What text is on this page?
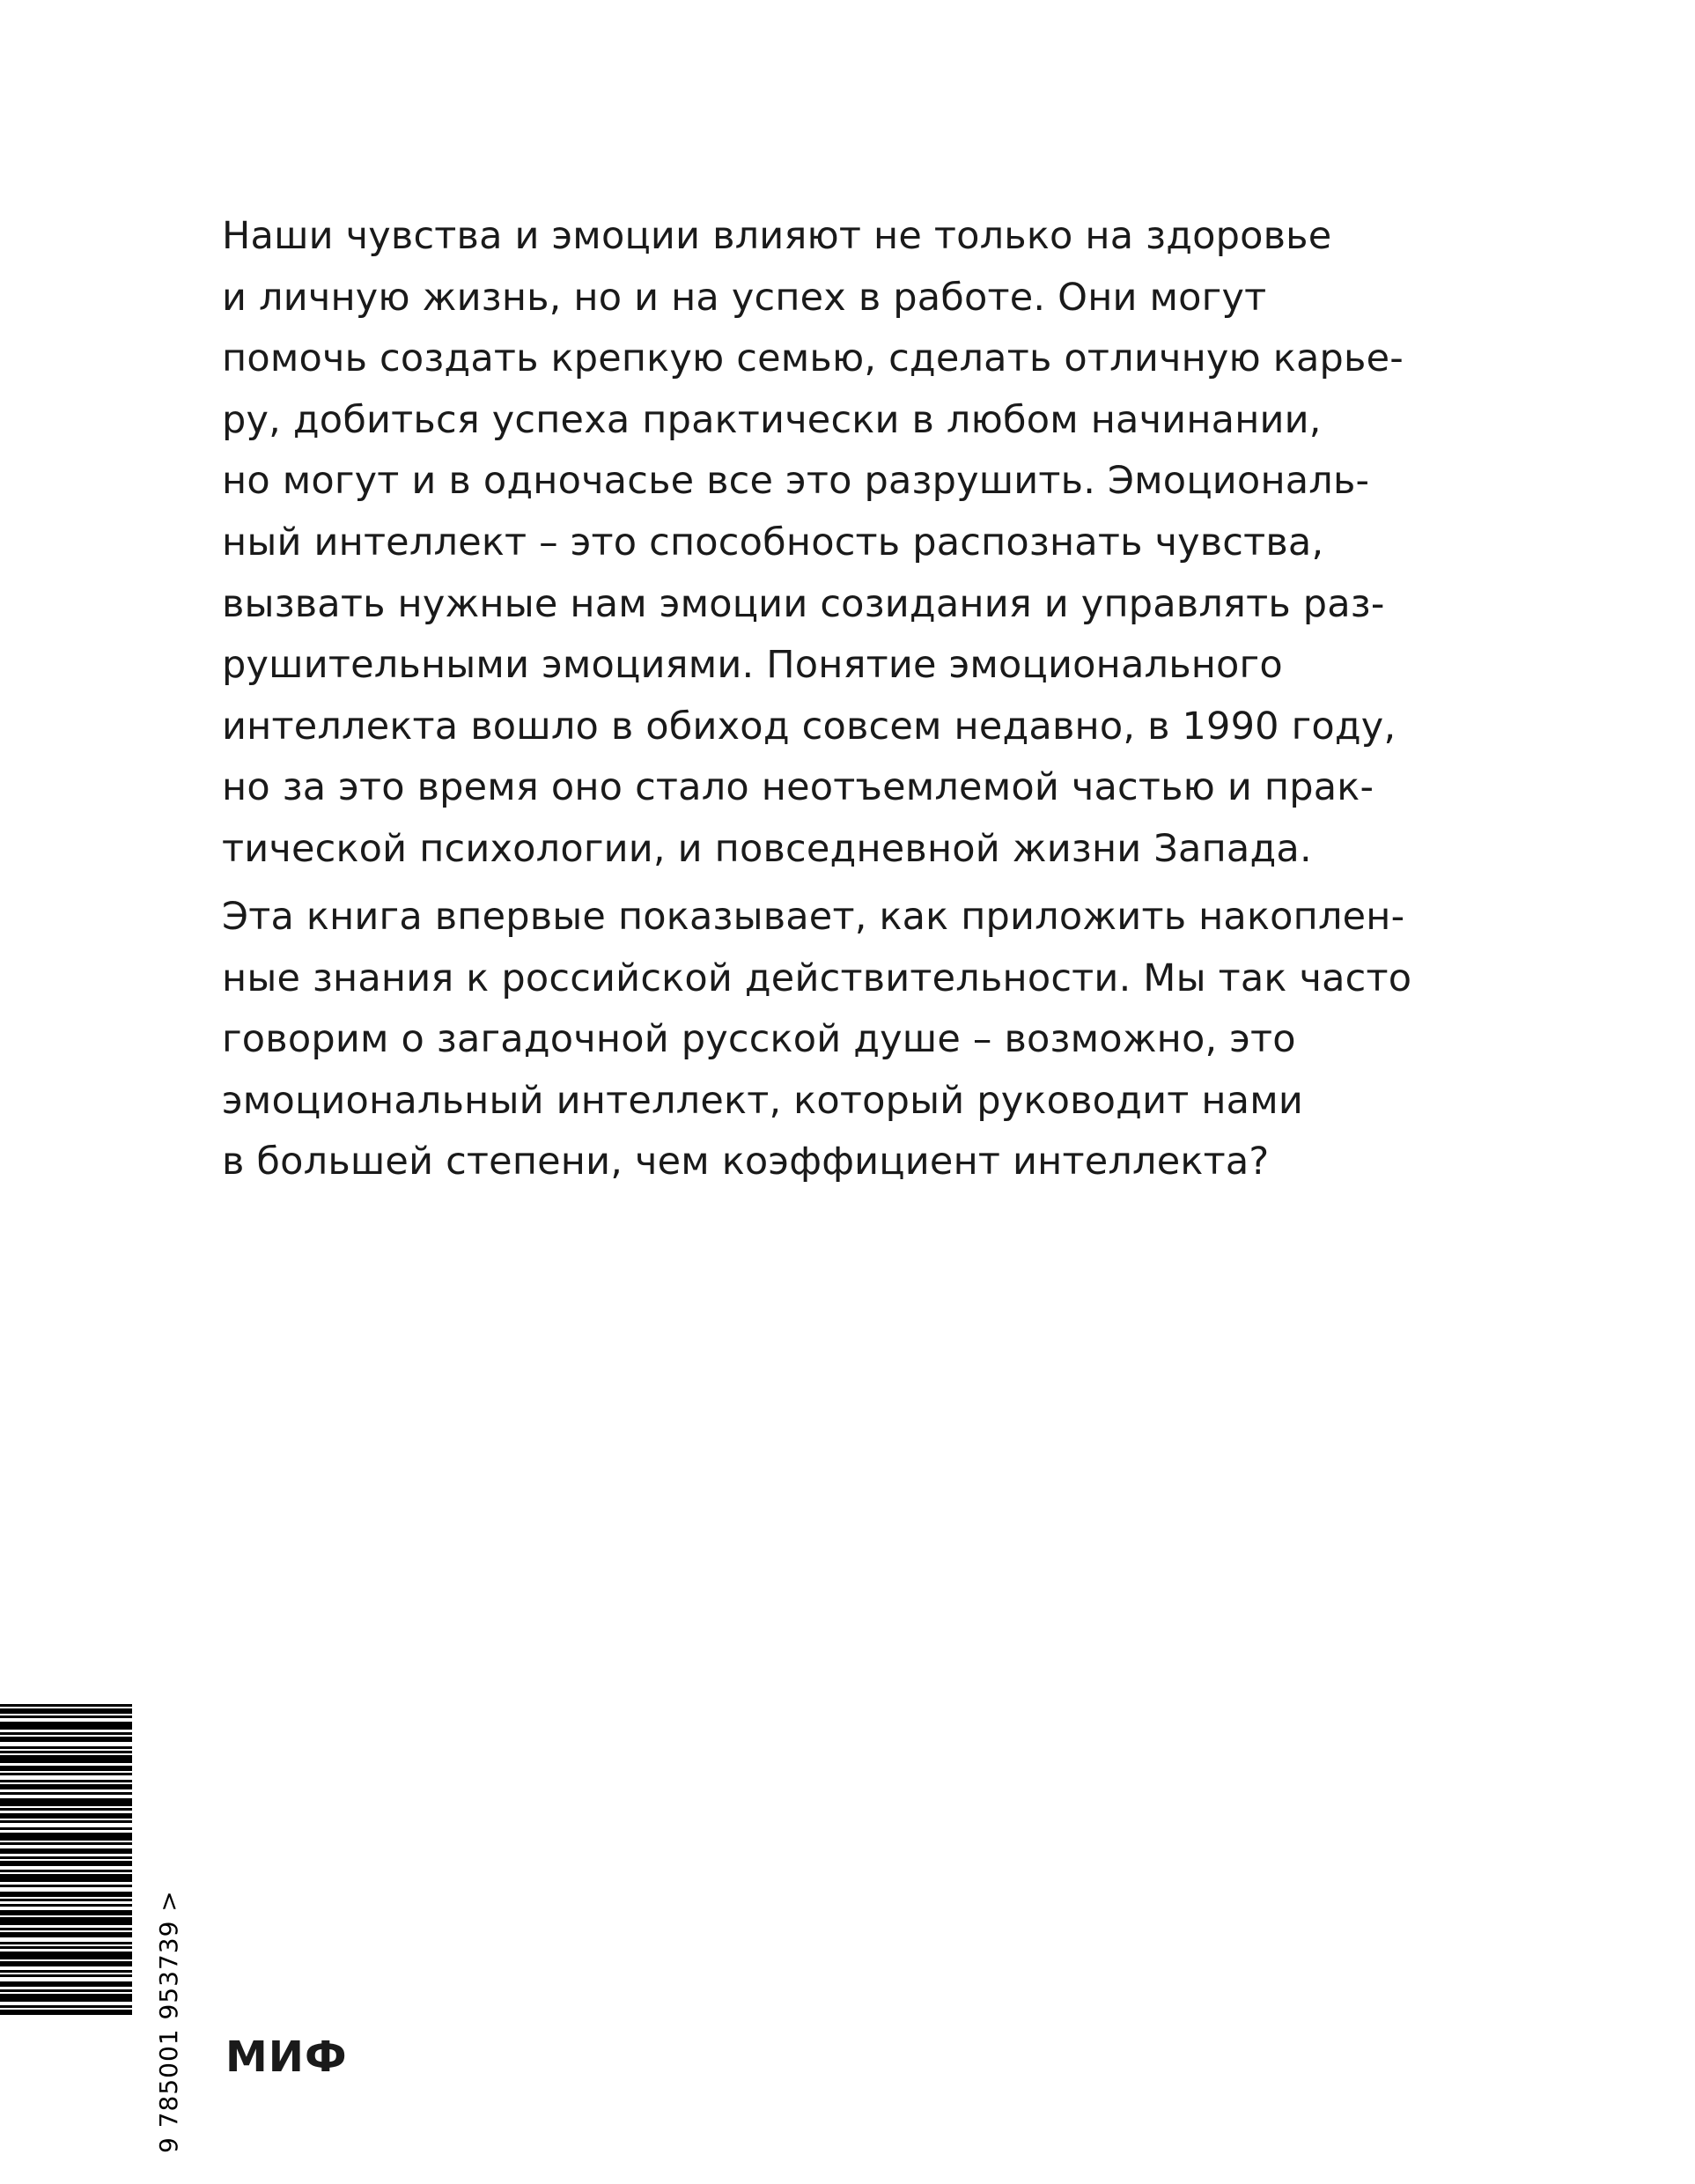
Наши чувства и эмоции влияют не только на здоровье
и личную жизнь, но и на успех в работе. Они могут
помочь создать крепкую семью, сделать отличную карье-
ру, добиться успеха практически в любом начинании,
но могут и в одночасье все это разрушить. Эмоциональ-
ный интеллект – это способность распознать чувства,
вызвать нужные нам эмоции созидания и управлять раз-
рушительными эмоциями. Понятие эмоционального
интеллекта вошло в обиход совсем недавно, в 1990 году,
но за это время оно стало неотъемлемой частью и прак-
тической психологии, и повседневной жизни Запада.
Эта книга впервые показывает, как приложить накоплен-
ные знания к российской действительности. Мы так часто
говорим о загадочной русской душе – возможно, это
эмоциональный интеллект, который руководит нами
в большей степени, чем коэффициент интеллекта?
9 785001 953739 > МИФ
